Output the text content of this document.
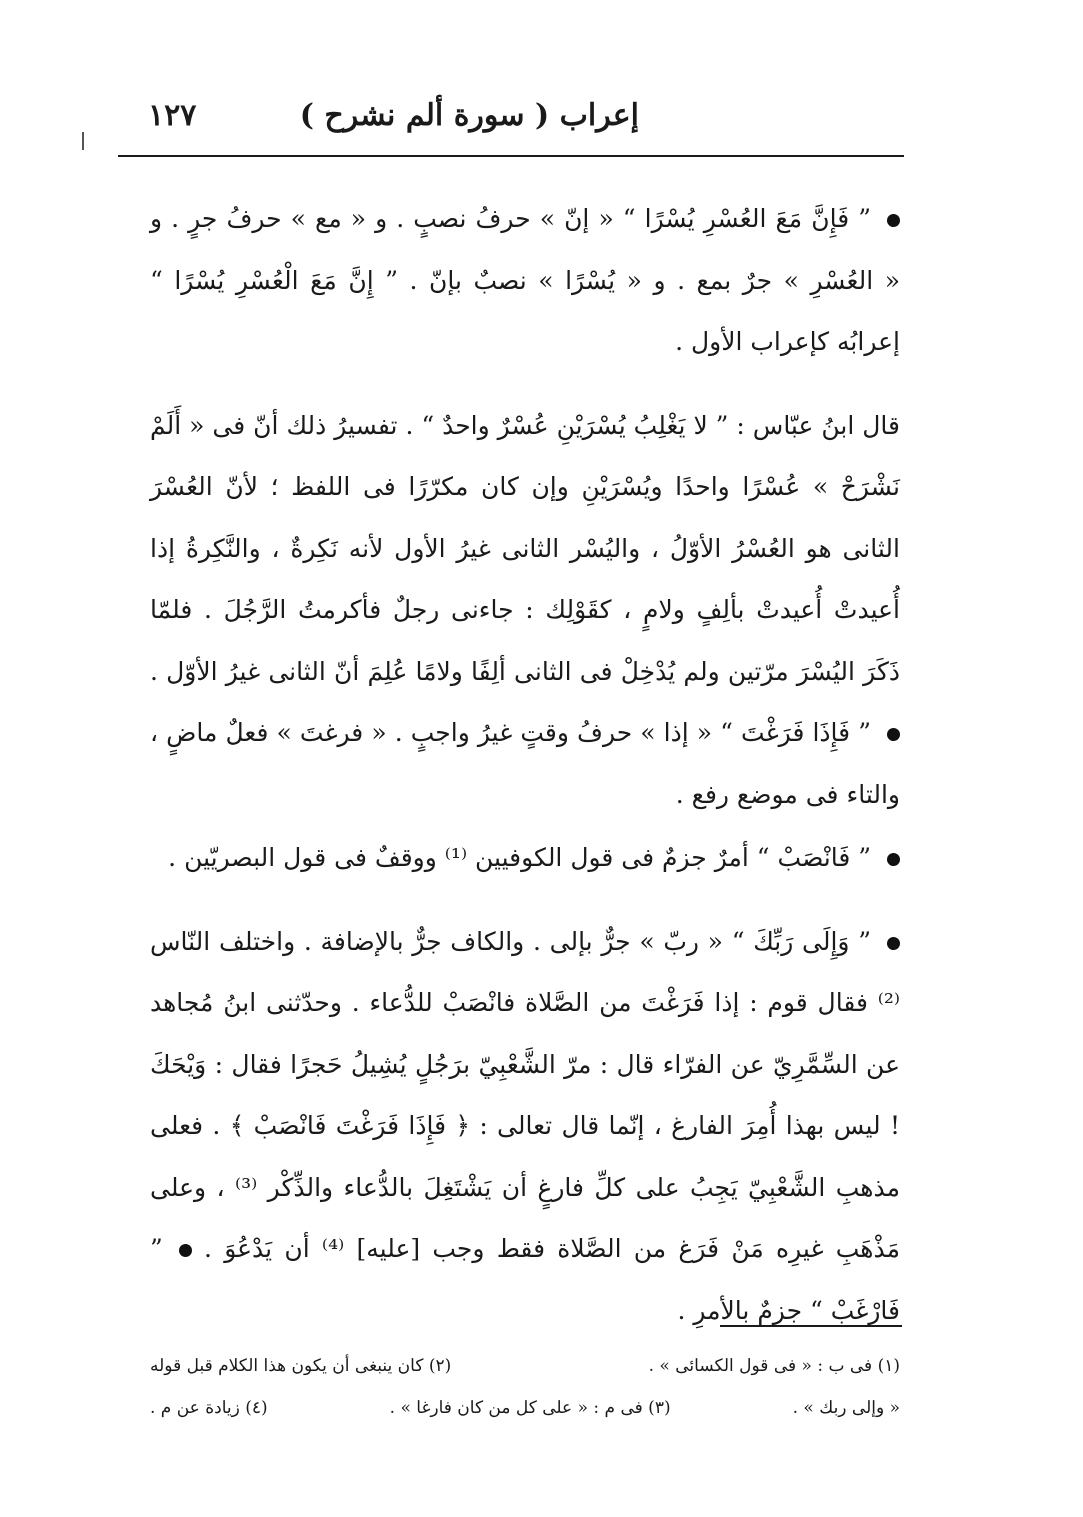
إعراب ( سورة ألم نشرح )
١٢٧

” فَإِنَّ مَعَ العُسْرِ يُسْرًا “ « إنّ » حرفُ نصبٍ . و « مع » حرفُ جرٍ . و « العُسْرِ » جرٌ بمع . و « يُسْرًا » نصبٌ بإنّ . ” إِنَّ مَعَ الْعُسْرِ يُسْرًا “ إعرابُه كإعراب الأول .

قال ابنُ عبّاس : ” لا يَغْلِبُ يُسْرَيْنِ عُسْرٌ واحدٌ “ . تفسيرُ ذلك أنّ فى « أَلَمْ نَشْرَحْ » عُسْرًا واحدًا ويُسْرَيْنِ وإن كان مكرّرًا فى اللفظ ؛ لأنّ العُسْرَ الثانى هو العُسْرُ الأوّلُ ، واليُسْر الثانى غيرُ الأول لأنه نَكِرةٌ ، والنَّكِرةُ إذا أُعيدتْ أُعيدتْ بألِفٍ ولامٍ ، كقَوْلِك : جاءنى رجلٌ فأكرمتُ الرَّجُلَ . فلمّا ذَكَرَ اليُسْرَ مرّتين ولم يُدْخِلْ فى الثانى ألِفًا ولامًا عُلِمَ أنّ الثانى غيرُ الأوّل . ” فَإِذَا فَرَغْتَ “ « إذا » حرفُ وقتٍ غيرُ واجبٍ . « فرغتَ » فعلٌ ماضٍ ، والتاء فى موضع رفع .

” فَانْصَبْ “ أمرٌ جزمٌ فى قول الكوفيين ⁽¹⁾ ووقفٌ فى قول البصريّين .

” وَإِلَى رَبِّكَ “ « ربّ » جرٌّ بإلى . والكاف جرٌّ بالإضافة . واختلف النّاس ⁽²⁾ فقال قوم : إذا فَرَغْتَ من الصَّلاة فانْصَبْ للدُّعاء . وحدّثنى ابنُ مُجاهد عن السِّمَّرِيّ عن الفرّاء قال : مرّ الشَّعْبِيّ برَجُلٍ يُشِيلُ حَجرًا فقال : وَيْحَكَ ! ليس بهذا أُمِرَ الفارغ ، إنّما قال تعالى : ﴿ فَإِذَا فَرَغْتَ فَانْصَبْ ﴾ . فعلى مذهبِ الشَّعْبِيّ يَجِبُ على كلِّ فارغٍ أن يَشْتَغِلَ بالدُّعاء والذِّكْر ⁽³⁾ ، وعلى مَذْهَبِ غيرِه مَنْ فَرَغ من الصَّلاة فقط وجب [عليه] ⁽⁴⁾ أن يَدْعُوَ . ” فَارْغَبْ “ جزمٌ بالأمرِ .

(١) فى ب : « فى قول الكسائى » .
(٢) كان ينبغى أن يكون هذا الكلام قبل قوله
« وإلى ربك » .
(٣) فى م : « على كل من كان فارغا » .
(٤) زيادة عن م .
